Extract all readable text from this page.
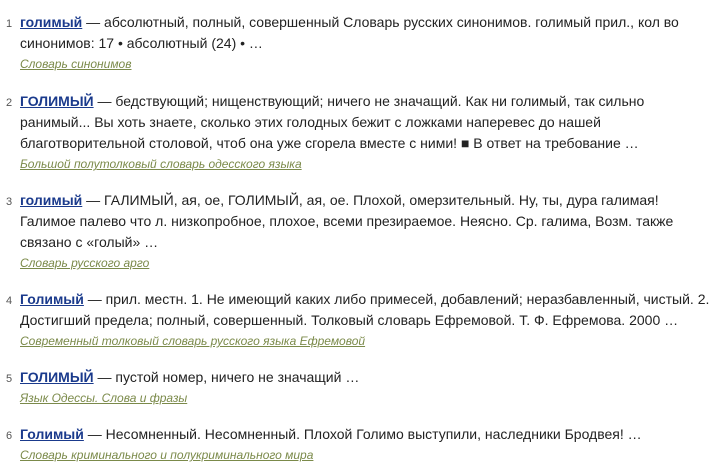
1 голимый — абсолютный, полный, совершенный Словарь русских синонимов. голимый прил., кол во синонимов: 17 • абсолютный (24) • …
Словарь синонимов
2 ГОЛИМЫЙ — бедствующий; нищенствующий; ничего не значащий. Как ни голимый, так сильно ранимый... Вы хоть знаете, сколько этих голодных бежит с ложками наперевес до нашей благотворительной столовой, чтоб она уже сгорела вместе с ними! ■ В ответ на требование …
Большой полутолковый словарь одесского языка
3 голимый — ГАЛИМЫЙ, ая, ое, ГОЛИМЫЙ, ая, ое. Плохой, омерзительный. Ну, ты, дура галимая! Галимое палево что л. низкопробное, плохое, всеми презираемое. Неясно. Ср. галима, Возм. также связано с «голый» …
Словарь русского арго
4 Голимый — прил. местн. 1. Не имеющий каких либо примесей, добавлений; неразбавленный, чистый. 2. Достигший предела; полный, совершенный. Толковый словарь Ефремовой. Т. Ф. Ефремова. 2000 …
Современный толковый словарь русского языка Ефремовой
5 ГОЛИМЫЙ — пустой номер, ничего не значащий …
Язык Одессы. Слова и фразы
6 Голимый — Несомненный. Несомненный. Плохой Голимо выступили, наследники Бродвея! …
Словарь криминального и полукриминального мира
